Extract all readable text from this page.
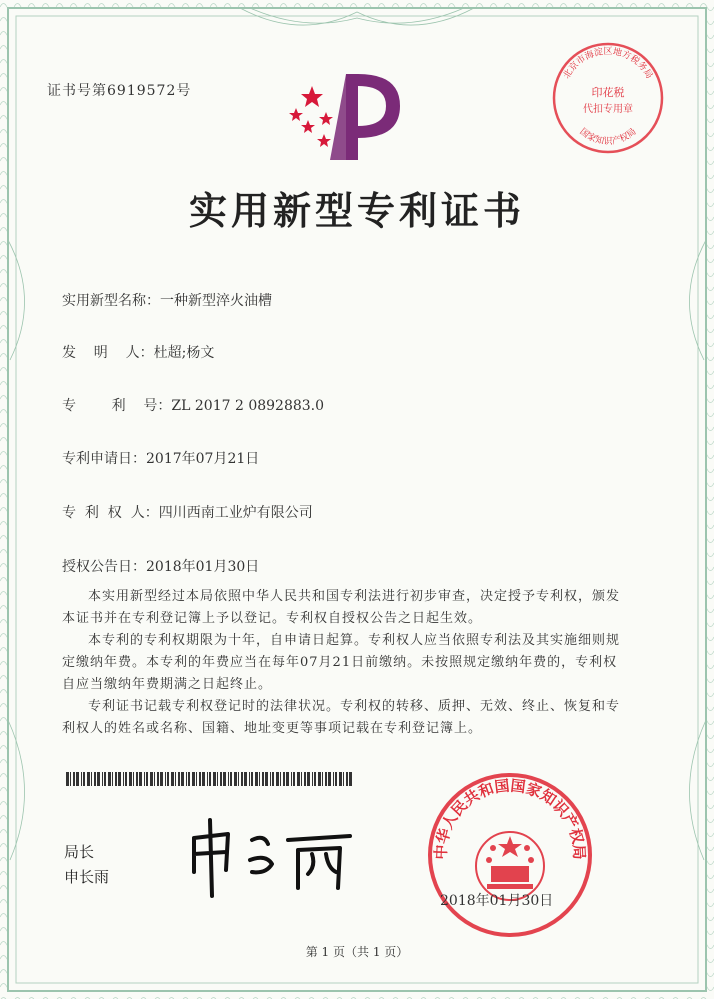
证书号第6919572号
北京市海淀区地方税务局
印花税
代扣专用章
国家知识产权局
实用新型专利证书
实用新型名称：一种新型淬火油槽
发    明    人：杜超;杨文
专        利    号：ZL 2017 2 0892883.0
专利申请日：2017年07月21日
专  利  权  人：四川西南工业炉有限公司
授权公告日：2018年01月30日
本实用新型经过本局依照中华人民共和国专利法进行初步审查，决定授予专利权，颁发本证书并在专利登记簿上予以登记。专利权自授权公告之日起生效。
本专利的专利权期限为十年，自申请日起算。专利权人应当依照专利法及其实施细则规定缴纳年费。本专利的年费应当在每年07月21日前缴纳。未按照规定缴纳年费的，专利权自应当缴纳年费期满之日起终止。
专利证书记载专利权登记时的法律状况。专利权的转移、质押、无效、终止、恢复和专利权人的姓名或名称、国籍、地址变更等事项记载在专利登记簿上。
局长
申长雨
中华人民共和国国家知识产权局
2018年01月30日
第 1 页（共 1 页）
